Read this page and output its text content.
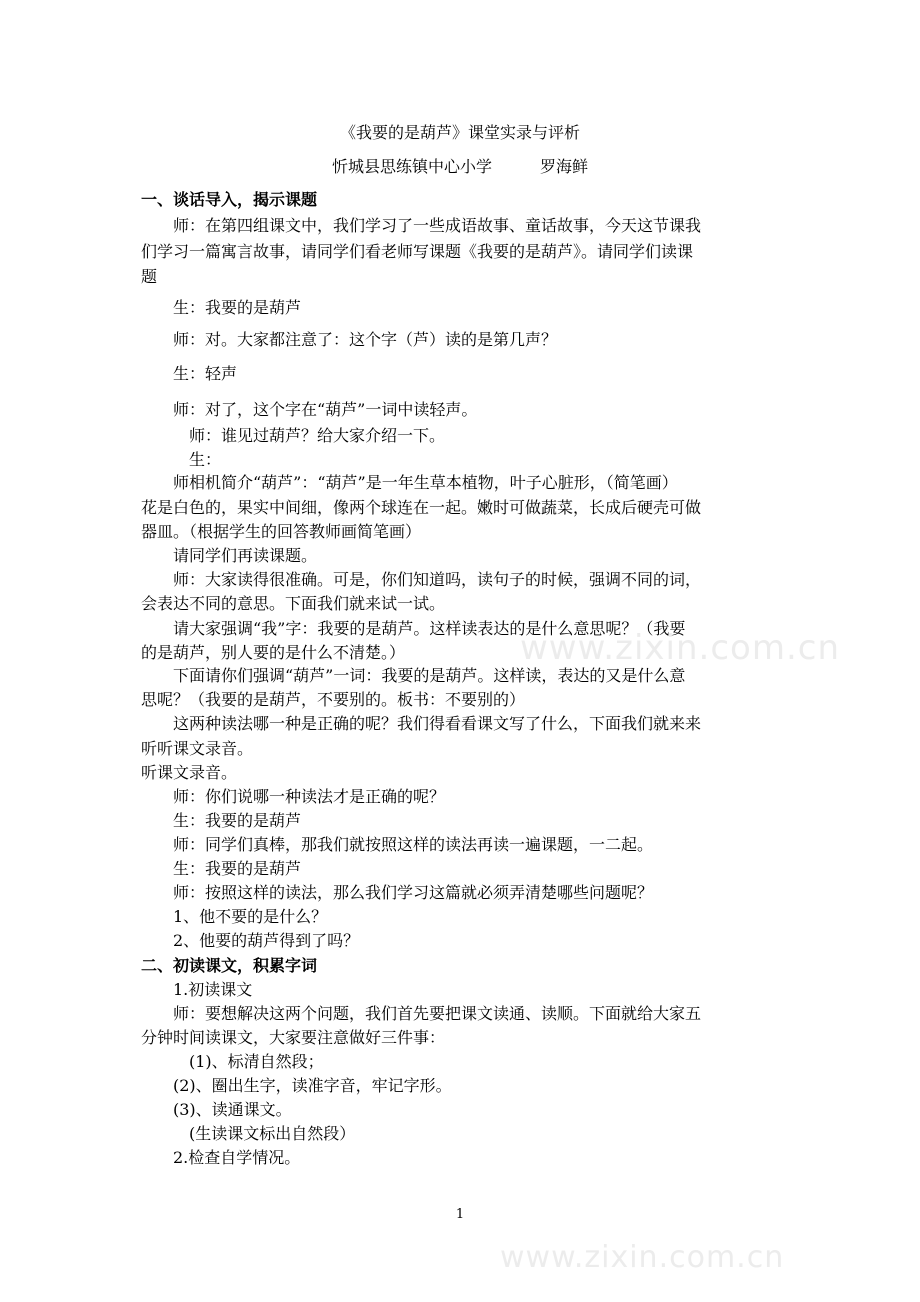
《我要的是葫芦》课堂实录与评析
忻城县思练镇中心小学　　　罗海鲜
一、谈话导入，揭示课题
　　师：在第四组课文中，我们学习了一些成语故事、童话故事，今天这节课我
们学习一篇寓言故事，请同学们看老师写课题《我要的是葫芦》。请同学们读课
题
　　生：我要的是葫芦
　　师：对。大家都注意了：这个字（芦）读的是第几声？
　　生：轻声
　　师：对了，这个字在“葫芦”一词中读轻声。
　　　师：谁见过葫芦？给大家介绍一下。
　　　生：
　　师相机简介“葫芦”：“葫芦”是一年生草本植物，叶子心脏形，（简笔画）
花是白色的，果实中间细，像两个球连在一起。嫩时可做蔬菜，长成后硬壳可做
器皿。（根据学生的回答教师画简笔画）
　　请同学们再读课题。
　　师：大家读得很准确。可是，你们知道吗，读句子的时候，强调不同的词，
会表达不同的意思。下面我们就来试一试。
　　请大家强调“我”字：我要的是葫芦。这样读表达的是什么意思呢？（我要
的是葫芦，别人要的是什么不清楚。）
　　下面请你们强调“葫芦”一词：我要的是葫芦。这样读，表达的又是什么意
思呢？（我要的是葫芦，不要别的。板书：不要别的）
　　这两种读法哪一种是正确的呢？我们得看看课文写了什么，下面我们就来来
听听课文录音。
听课文录音。
　　师：你们说哪一种读法才是正确的呢？
　　生：我要的是葫芦
　　师：同学们真棒，那我们就按照这样的读法再读一遍课题，一二起。
　　生：我要的是葫芦
　　师：按照这样的读法，那么我们学习这篇就必须弄清楚哪些问题呢？
　　1、他不要的是什么？
　　2、他要的葫芦得到了吗？
二、初读课文，积累字词
　　1.初读课文
　　师：要想解决这两个问题，我们首先要把课文读通、读顺。下面就给大家五
分钟时间读课文，大家要注意做好三件事：
　　　(1)、标清自然段；
　　(2)、圈出生字，读准字音，牢记字形。
　　(3)、读通课文。
　　　(生读课文标出自然段）
　　2.检查自学情况。
www.zixin.com.cn
www.zixin.com.cn
1
